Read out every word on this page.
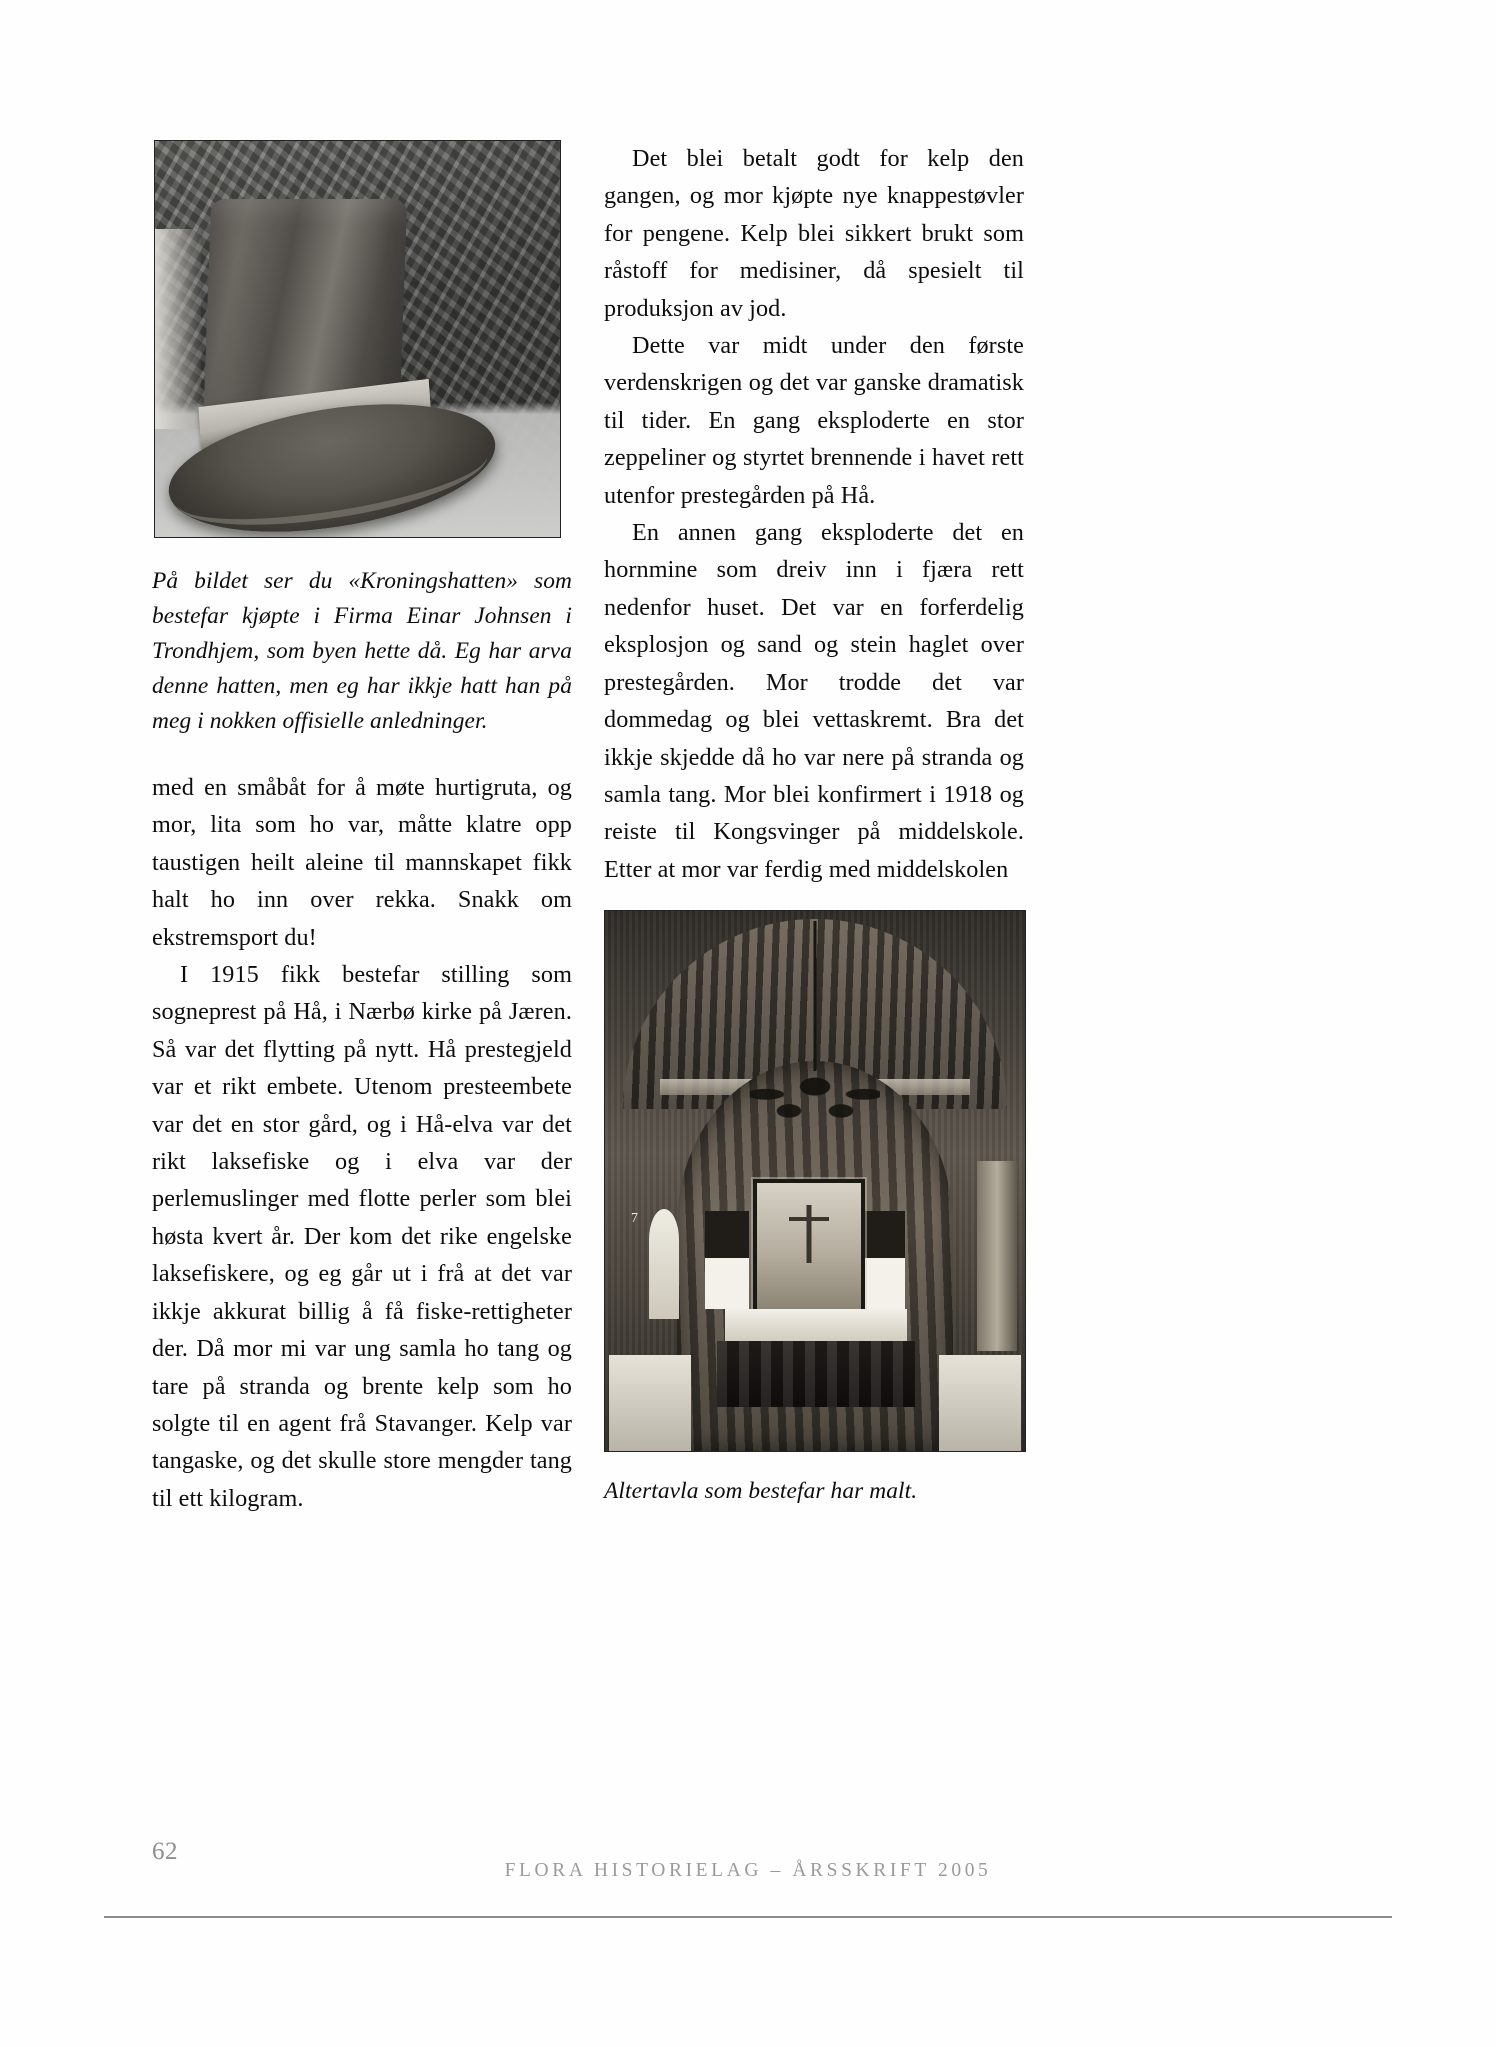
På bildet ser du «Kroningshatten» som bestefar kjøpte i Firma Einar Johnsen i Trondhjem, som byen hette då. Eg har arva denne hatten, men eg har ikkje hatt han på meg i nokken offisielle anledninger.

med en småbåt for å møte hurtigruta, og mor, lita som ho var, måtte klatre opp taustigen heilt aleine til mannskapet fikk halt ho inn over rekka. Snakk om ekstremsport du!

I 1915 fikk bestefar stilling som sogneprest på Hå, i Nærbø kirke på Jæren. Så var det flytting på nytt. Hå prestegjeld var et rikt embete. Utenom presteembete var det en stor gård, og i Hå-elva var det rikt laksefiske og i elva var der perlemuslinger med flotte perler som blei høsta kvert år. Der kom det rike engelske laksefiskere, og eg går ut i frå at det var ikkje akkurat billig å få fiske-rettigheter der. Då mor mi var ung samla ho tang og tare på stranda og brente kelp som ho solgte til en agent frå Stavanger. Kelp var tangaske, og det skulle store mengder tang til ett kilogram.

Det blei betalt godt for kelp den gangen, og mor kjøpte nye knappestøvler for pengene. Kelp blei sikkert brukt som råstoff for medisiner, då spesielt til produksjon av jod.

Dette var midt under den første verdenskrigen og det var ganske dramatisk til tider. En gang eksploderte en stor zeppeliner og styrtet brennende i havet rett utenfor prestegården på Hå.

En annen gang eksploderte det en hornmine som dreiv inn i fjæra rett nedenfor huset. Det var en forferdelig eksplosjon og sand og stein haglet over prestegården. Mor trodde det var dommedag og blei vettaskremt. Bra det ikkje skjedde då ho var nere på stranda og samla tang. Mor blei konfirmert i 1918 og reiste til Kongsvinger på middelskole. Etter at mor var ferdig med middelskolen

7

Altertavla som bestefar har malt.

62
FLORA HISTORIELAG – ÅRSSKRIFT 2005
